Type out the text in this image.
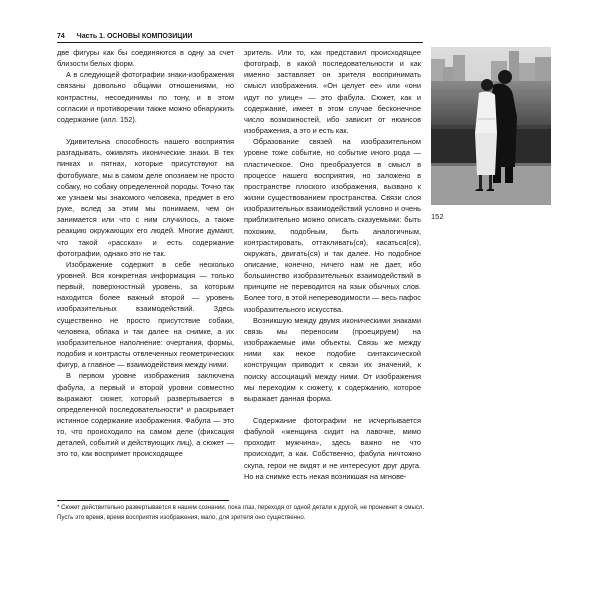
74 Часть 1. ОСНОВЫ КОМПОЗИЦИИ

две фигуры как бы соединяются в одну за счет близости белых форм.

А в следующей фотографии знаки-изображения связаны довольно общими отношениями, но контрастны, несоединимы по тону, и в этом согласии и противоречии также можно обнаружить содержание (илл. 152).

Удивительна способность нашего восприятия разгадывать, оживлять иконические знаки. В тех пинках и пятнах, которые присутствуют на фотобумаге, мы в самом деле опознаем не просто собаку, но собаку определенной породы. Точно так же узнаем мы знакомого человека, предмет в его руке, вслед за этим мы понимаем, чем он занимается или что с ним случилось, а также реакцию окружающих его людей. Многие думают, что такой «рассказ» и есть содержание фотографии, однако это не так.

Изображение содержит в себе несколько уровней. Вся конкретная информация — только первый, поверхностный уровень, за которым находится более важный второй — уровень изобразительных взаимодействий. Здесь существенно не просто присутствие собаки, человека, облака и так далее на снимке, а их изобразительное наполнение: очертания, формы, подобия и контрасты отвлеченных геометрических фигур, а главное — взаимодействия между ними.

В первом уровне изображения заключена фабула, а первый и второй уровни совместно выражают сюжет, который развертывается в определенной последовательности* и раскрывает истинное содержание изображения. Фабула — это то, что происходило на самом деле (фиксация деталей, событий и действующих лиц), а сюжет — это то, как воспримет происходящее

зритель. Или то, как представил происходящее фотограф, в какой последовательности и как именно заставляет он зрителя воспринимать смысл изображения. «Он целует ее» или «они идут по улице» — это фабула. Сюжет, как и содержание, имеет в этом случае бесконечное число возможностей, ибо зависит от нюансов изображения, а это и есть как.

Образование связей на изобразительном уровне тоже событие, но событие иного рода — пластическое. Оно преобразуется в смысл в процессе нашего восприятия, но заложено в пространстве плоского изображения, вызвано к жизни существованием пространства. Связи слоя изобразительных взаимодействий условно и очень приблизительно можно описать сказуемыми: быть похожим, подобным, быть аналогичным, контрастировать, оттакливать(ся), касаться(ся), окружать, двигать(ся) и так далее. Но подобное описание, конечно, ничего нам не дает, ибо большинство изобразительных взаимодействий в принципе не переводится на язык обычных слов. Более того, в этой непереводимости — весь пафос изобразительного искусства.

Возникшую между двумя иконическими знаками связь мы переносим (проецируем) на изображаемые ими объекты. Связь же между ними как некое подобие синтаксической конструкции приводит к связи их значений, к поиску ассоциаций между ними. От изображения мы переходим к сюжету, к содержанию, которое выражает данная форма.

Содержание фотографии не исчерпывается фабулой «женщина сидит на лавочке, мимо проходит мужчина», здесь важно не что происходит, а как. Собственно, фабула ничтожно скупа, герои не видят и не интересуют друг друга. Но на снимке есть некая возникшая на мгнове-

152
* Сюжет действительно развертывается в нашем сознании, пока глаз, переходя от одной детали к другой, не проникнет в смысл. Пусть это время, время восприятия изображения, мало, для зрителя оно существенно.
